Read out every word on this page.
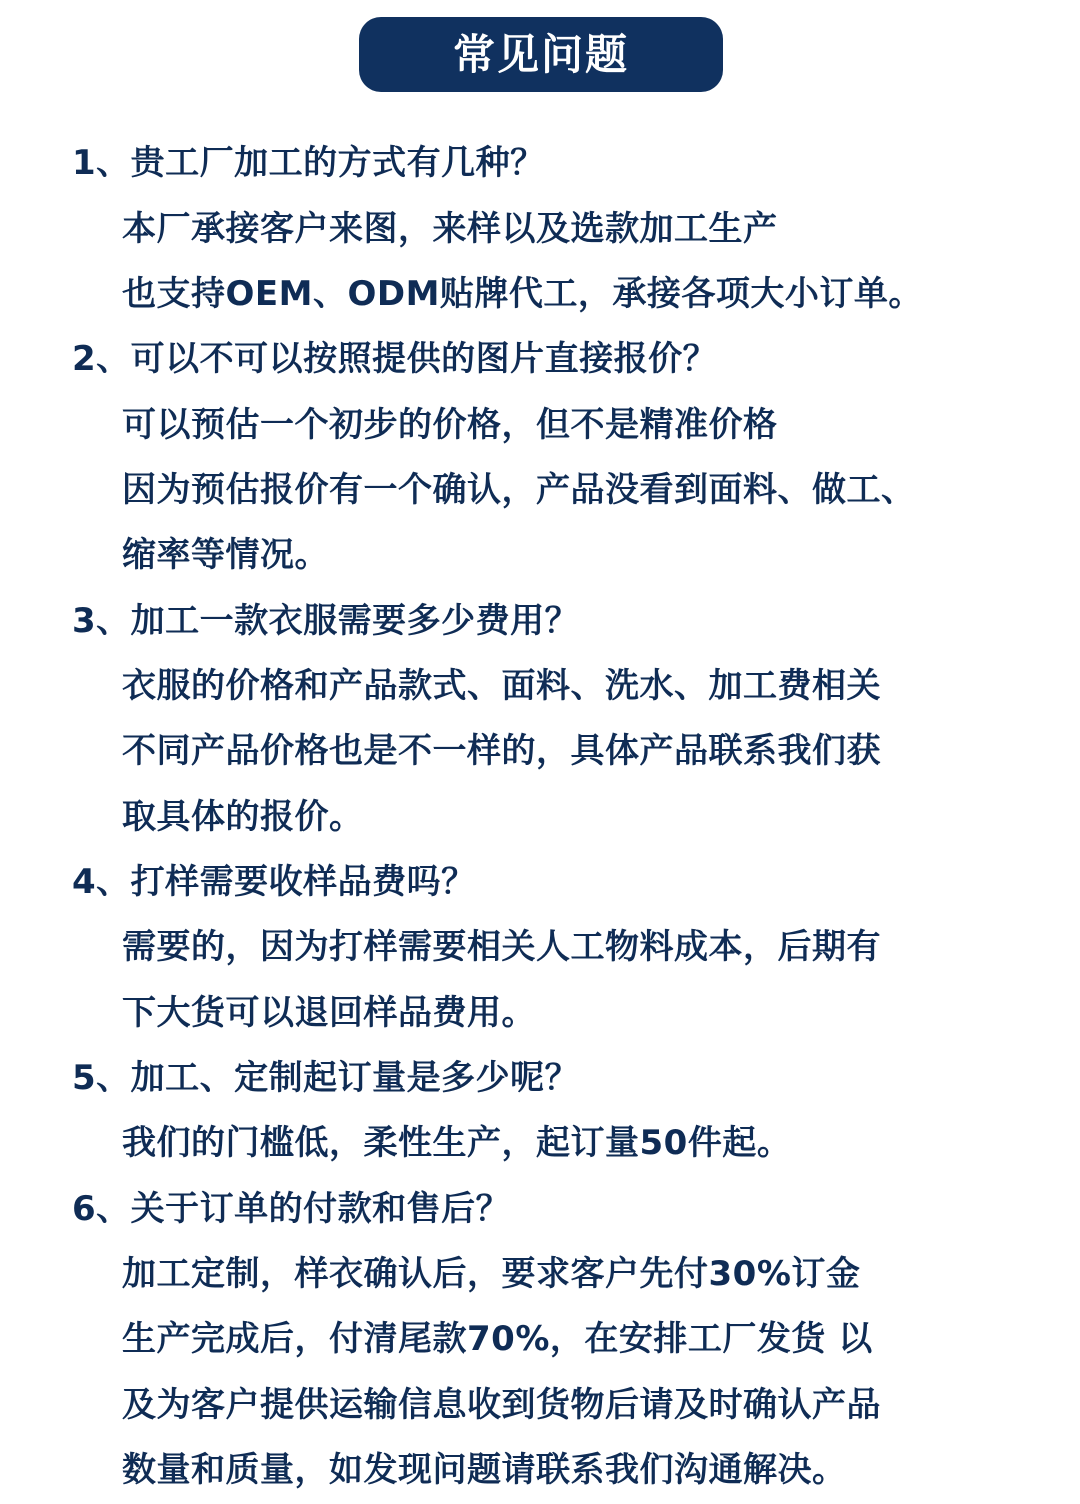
常见问题
1、贵工厂加工的方式有几种？
本厂承接客户来图，来样以及选款加工生产
也支持OEM、ODM贴牌代工，承接各项大小订单。
2、可以不可以按照提供的图片直接报价？
可以预估一个初步的价格，但不是精准价格
因为预估报价有一个确认，产品没看到面料、做工、
缩率等情况。
3、加工一款衣服需要多少费用？
衣服的价格和产品款式、面料、洗水、加工费相关
不同产品价格也是不一样的，具体产品联系我们获
取具体的报价。
4、打样需要收样品费吗？
需要的，因为打样需要相关人工物料成本，后期有
下大货可以退回样品费用。
5、加工、定制起订量是多少呢？
我们的门槛低，柔性生产，起订量50件起。
6、关于订单的付款和售后？
加工定制，样衣确认后，要求客户先付30%订金
生产完成后，付清尾款70%，在安排工厂发货 以
及为客户提供运输信息收到货物后请及时确认产品
数量和质量，如发现问题请联系我们沟通解决。
